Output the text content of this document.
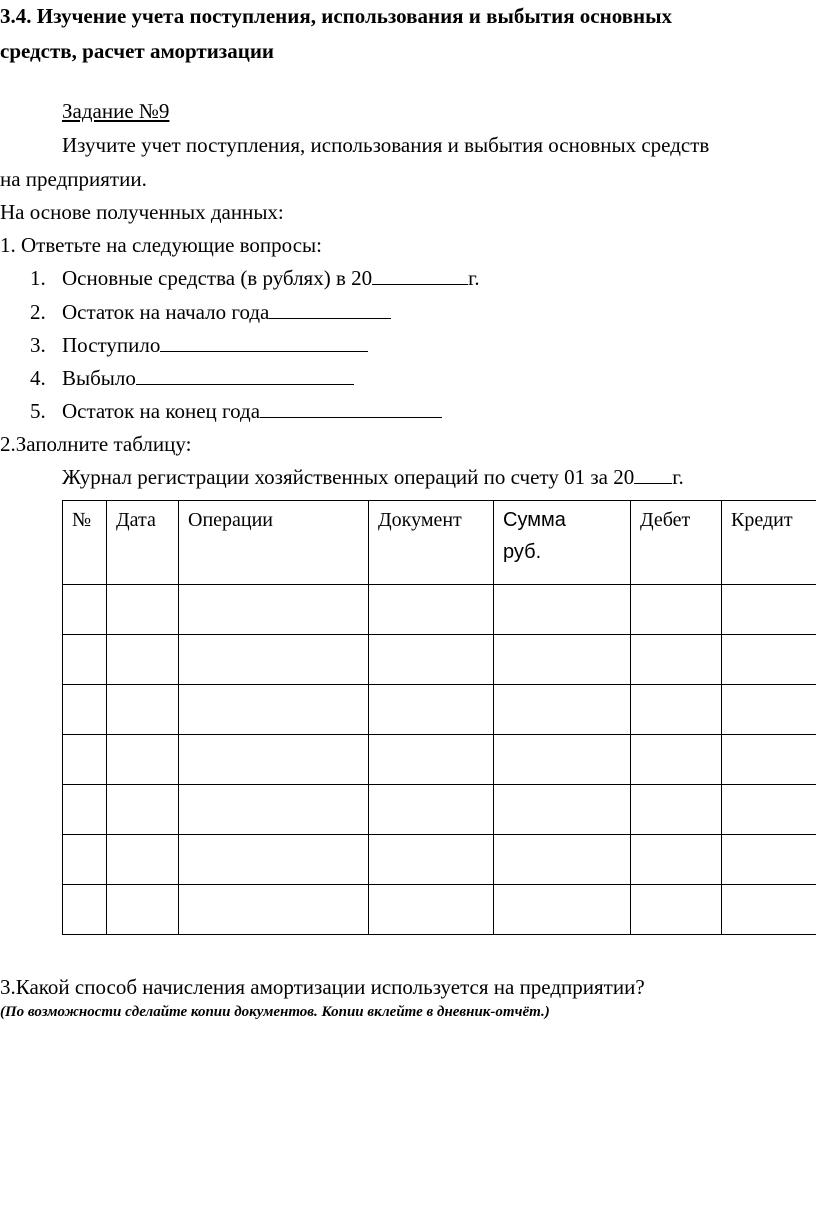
3.4. Изучение учета поступления, использования и выбытия основных
средств, расчет амортизации
Задание №9
Изучите учет поступления, использования и выбытия основных средств
на предприятии.
На основе полученных данных:
1. Ответьте на следующие вопросы:
1. Основные средства (в рублях) в 20	г.
2. Остаток на начало года
3. Поступило
4. Выбыло
5. Остаток на конец года
2.Заполните таблицу:
Журнал регистрации хозяйственных операций по счету 01 за 20 г.
№	Дата	Операции	Документ	Сумма руб.	Дебет	Кредит

3.Какой способ начисления амортизации используется на предприятии?
(По возможности сделайте копии документов. Копии вклейте в дневник-отчёт.)
